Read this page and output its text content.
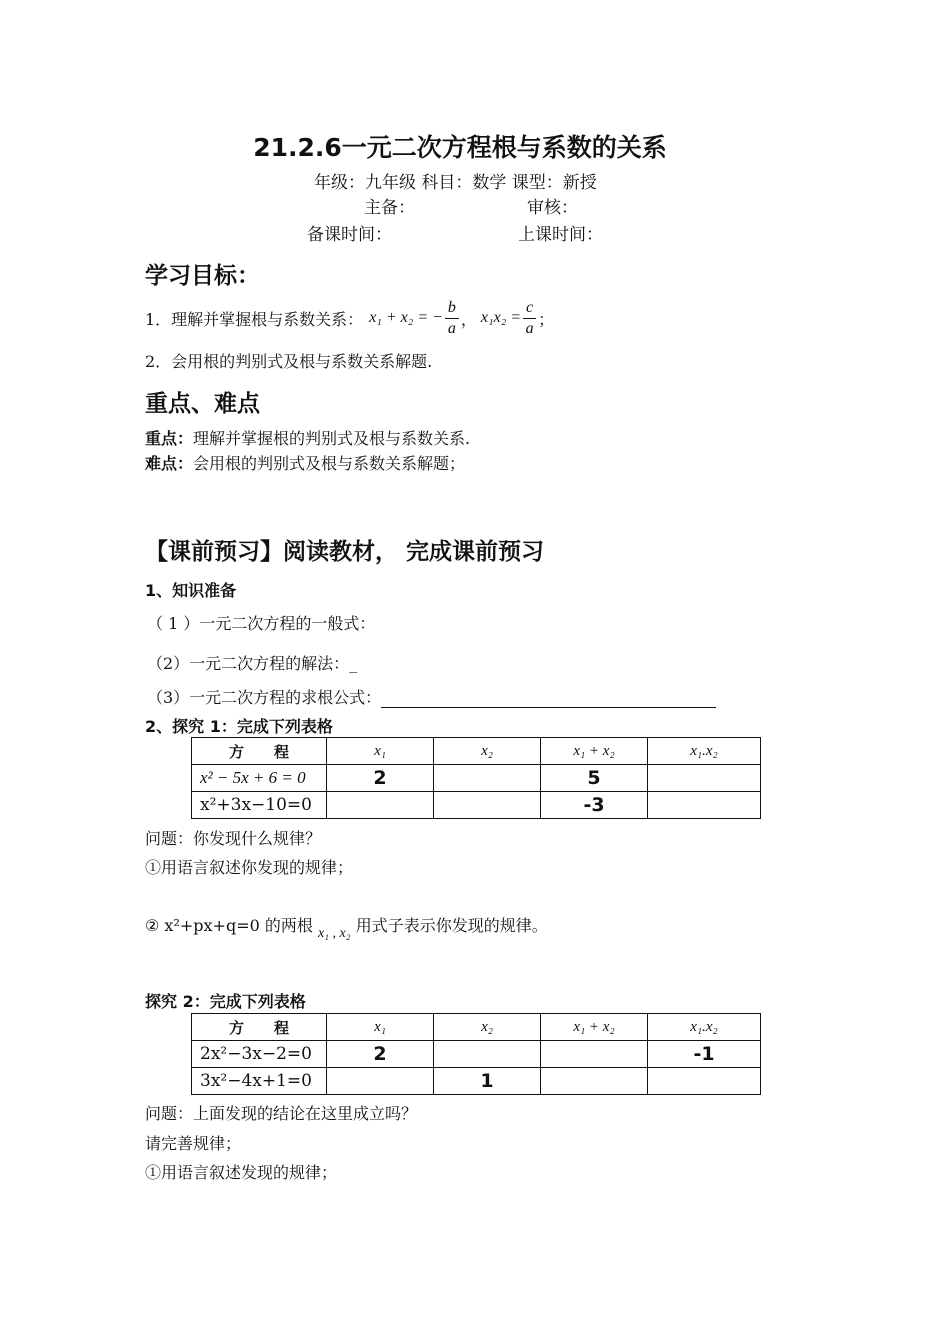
21.2.6一元二次方程根与系数的关系
年级：九年级 科目：数学 课型：新授
主备：	审核：
备课时间：	上课时间：
学习目标：
1．理解并掌握根与系数关系： x₁ + x₂ = − $\frac{b}{a}$ ， $x_1x_2 = \frac{c}{a}$ ；
2．会用根的判别式及根与系数关系解题.
重点、难点
重点：理解并掌握根的判别式及根与系数关系.
难点：会用根的判别式及根与系数关系解题；
【课前预习】阅读教材， 完成课前预习
1、知识准备
（ 1 ）一元二次方程的一般式：
（2）一元二次方程的解法：_
（3）一元二次方程的求根公式：
2、探究 1：完成下列表格
方　　程	x₁	x₂	x₁ + x₂	x₁.x₂
x² − 5x + 6 = 0	2		5	
x²+3x−10=0			-3	
问题：你发现什么规律？
①用语言叙述你发现的规律；
② x²+px+q=0 的两根 x₁ , x₂ 用式子表示你发现的规律。
探究 2：完成下列表格
方　　程	x₁	x₂	x₁ + x₂	x₁.x₂
2x²−3x−2=0	2			-1
3x²−4x+1=0		1		
问题：上面发现的结论在这里成立吗？
请完善规律；
①用语言叙述发现的规律；
